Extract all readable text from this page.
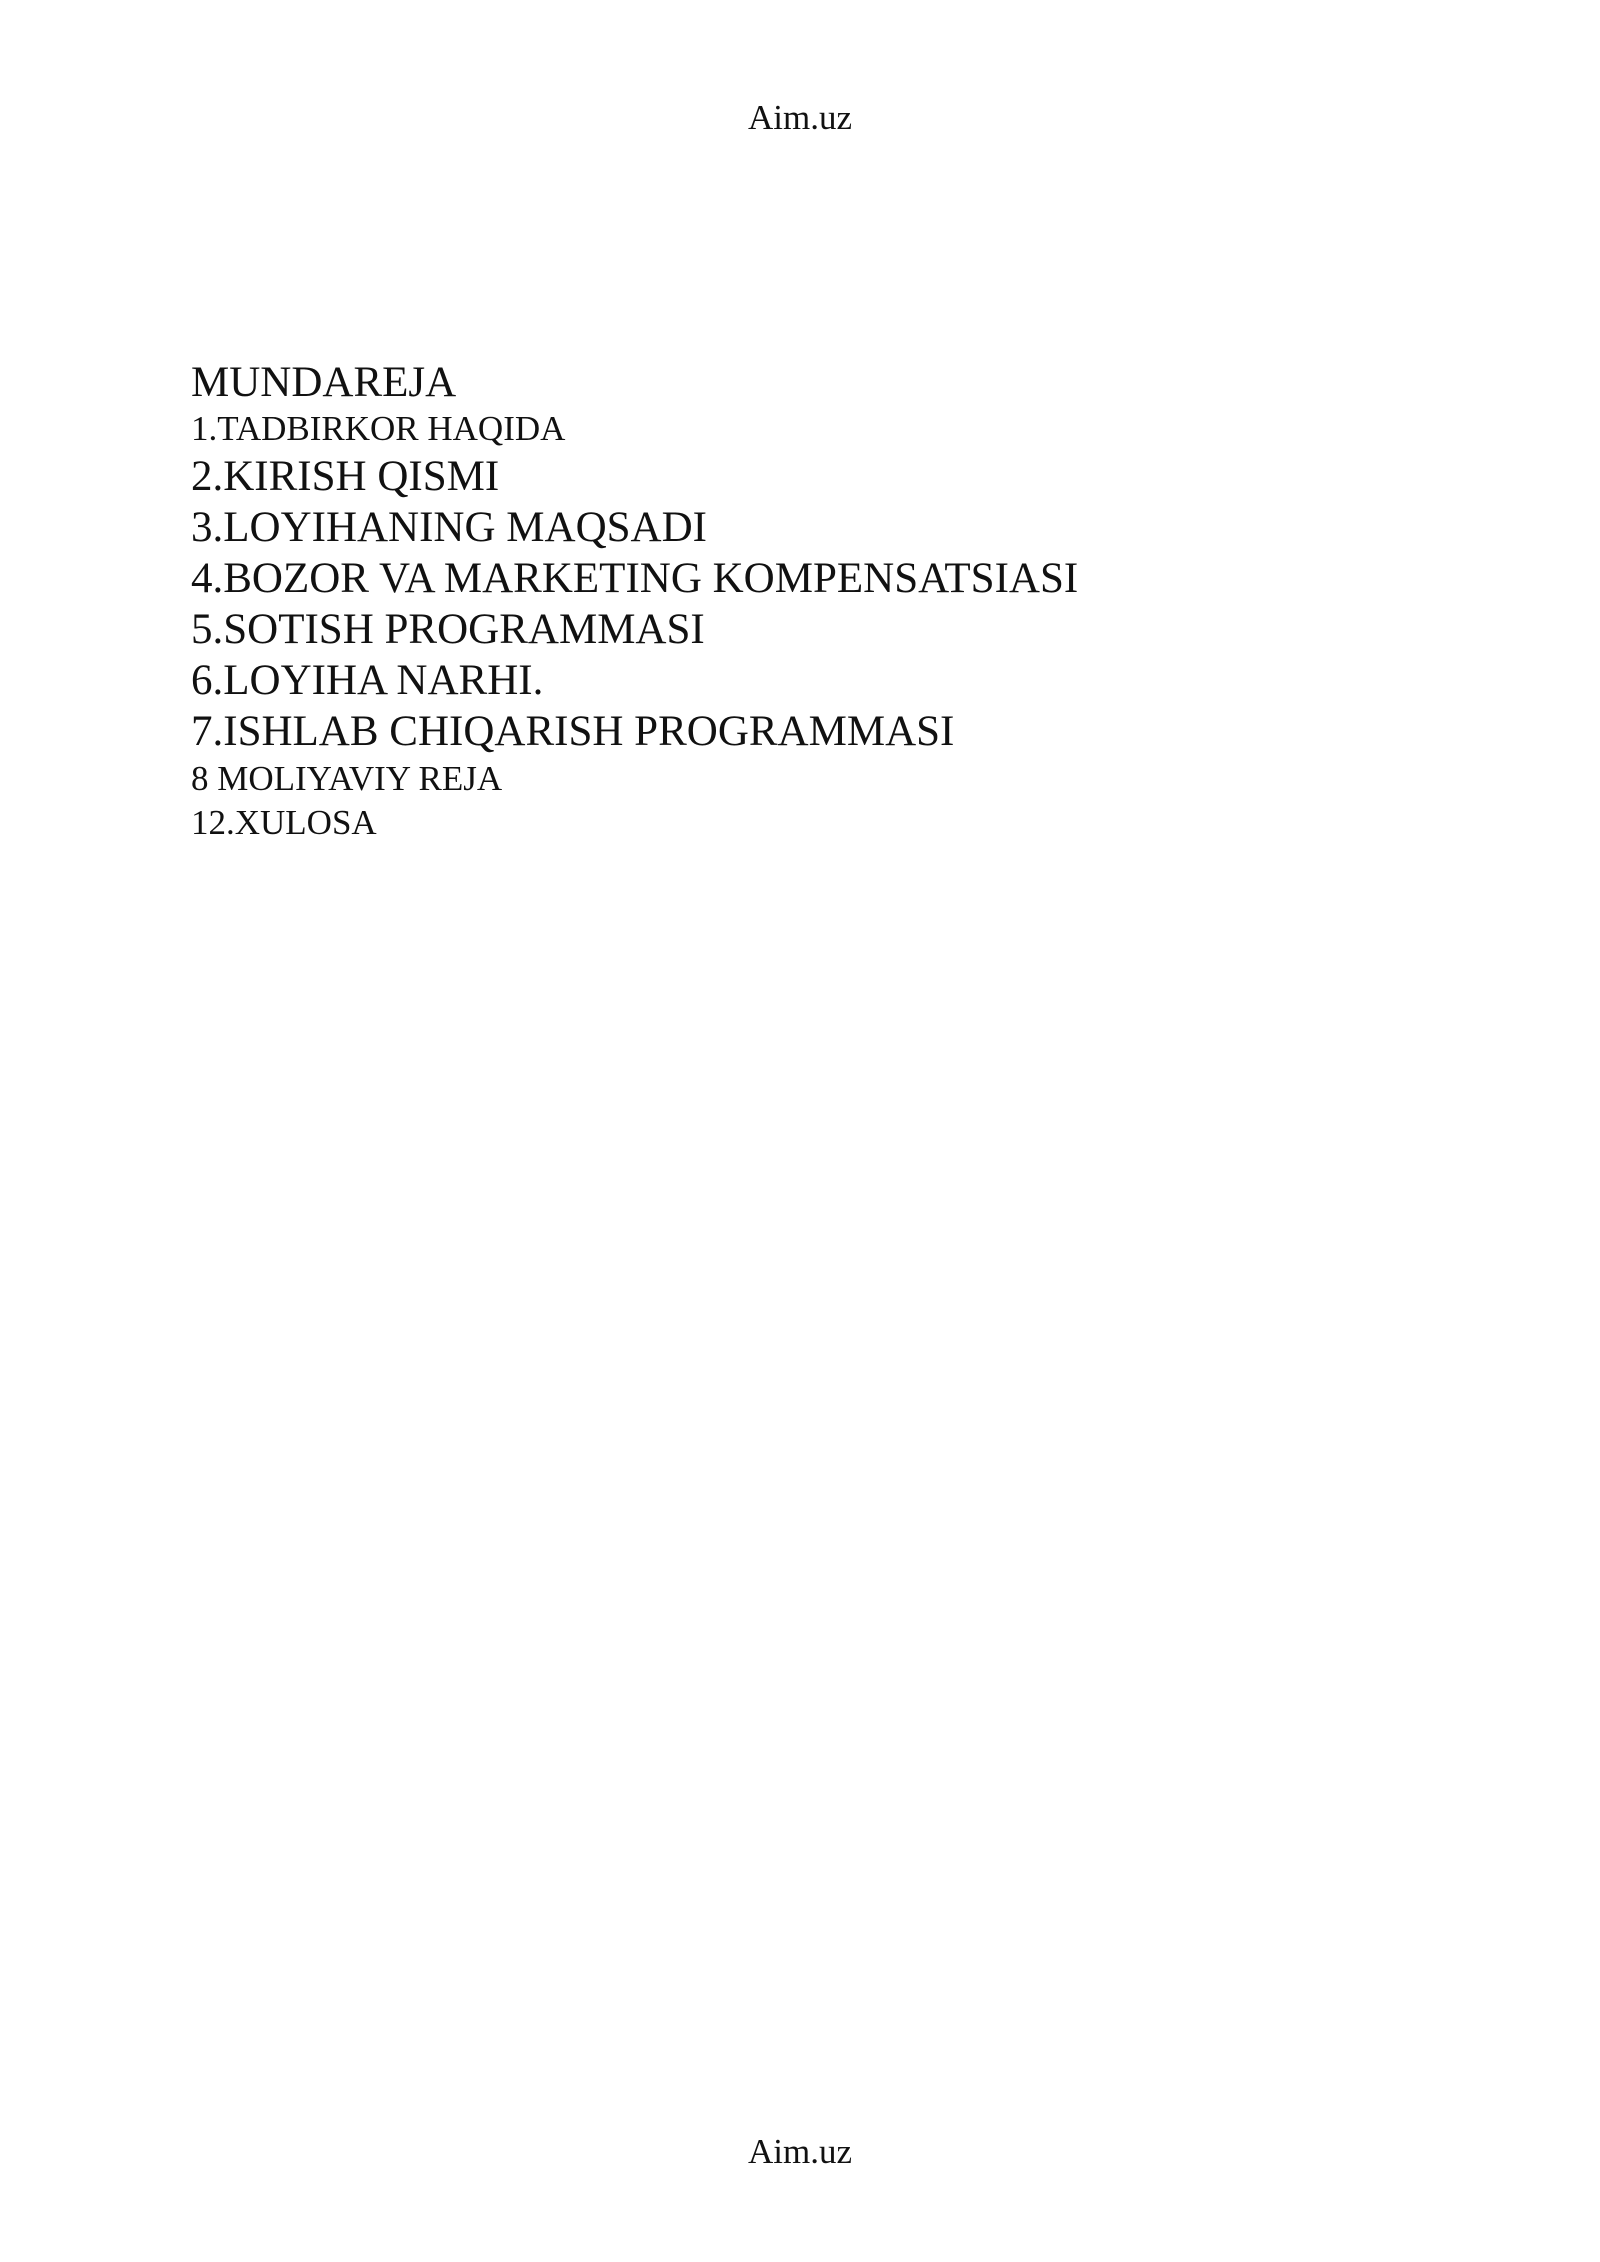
Aim.uz
MUNDAREJA

1.TADBIRKOR HAQIDA

2.KIRISH QISMI

3.LOYIHANING MAQSADI

4.BOZOR VA MARKETING KOMPENSATSIASI

5.SOTISH PROGRAMMASI

6.LOYIHA NARHI.

7.ISHLAB CHIQARISH PROGRAMMASI

8 MOLIYAVIY REJA

12.XULOSA

Aim.uz
